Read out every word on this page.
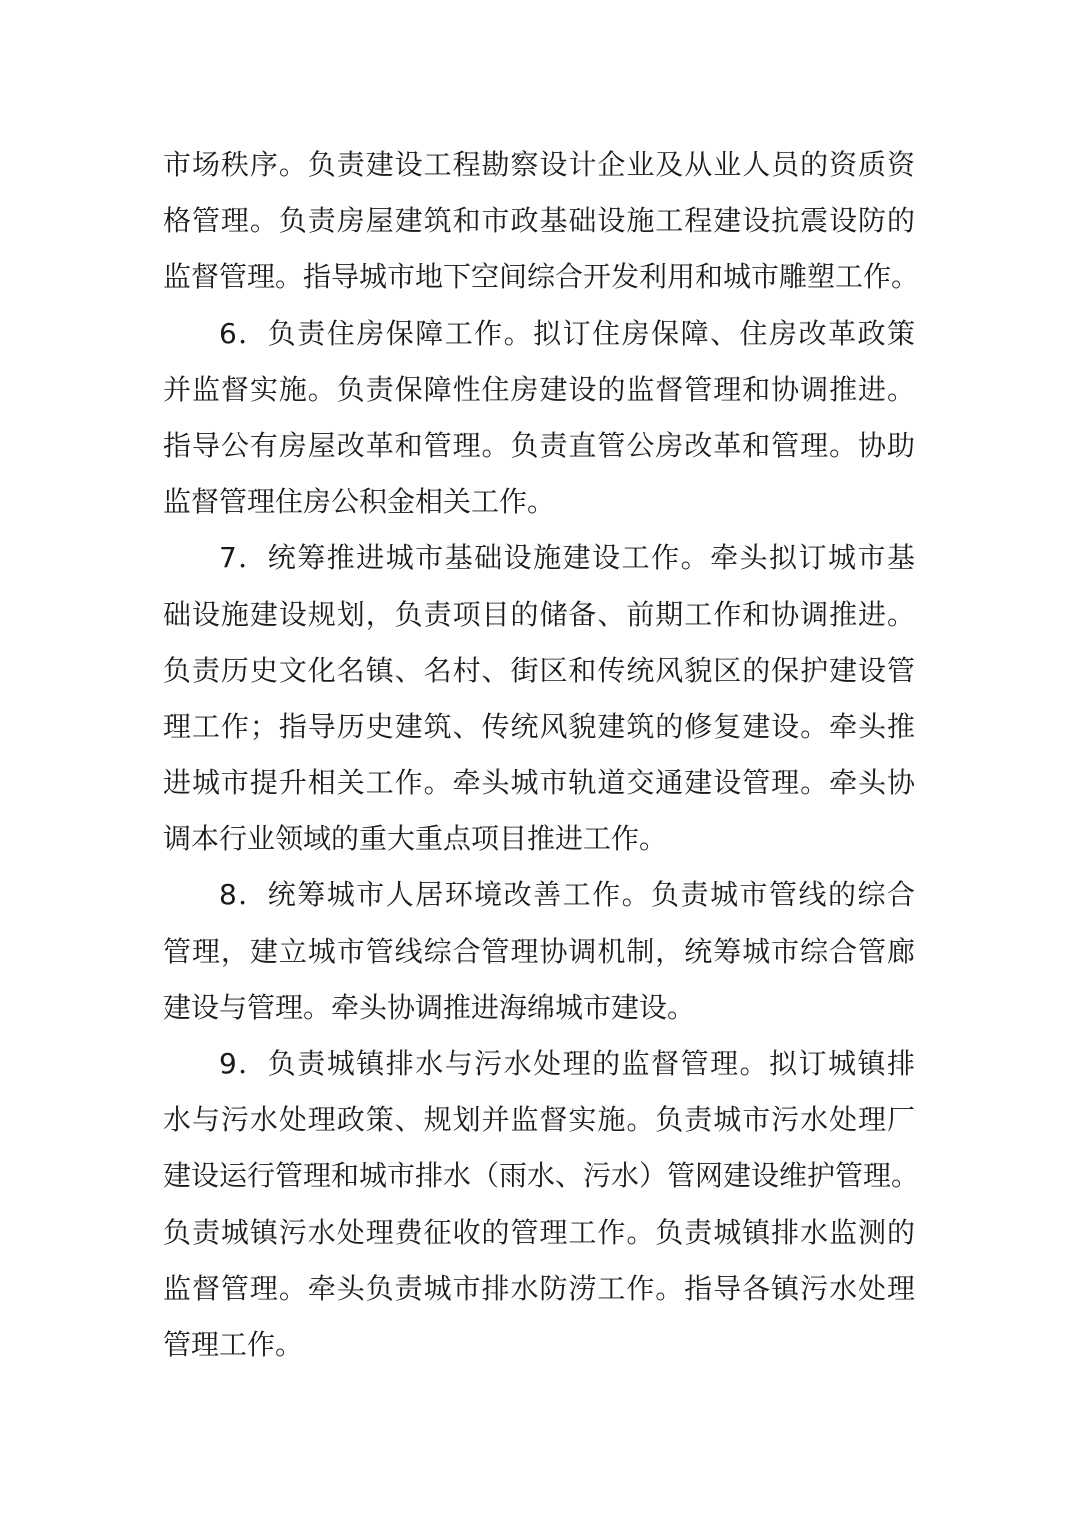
市场秩序。负责建设工程勘察设计企业及从业人员的资质资
格管理。负责房屋建筑和市政基础设施工程建设抗震设防的
监督管理。指导城市地下空间综合开发利用和城市雕塑工作。
6．负责住房保障工作。拟订住房保障、住房改革政策
并监督实施。负责保障性住房建设的监督管理和协调推进。
指导公有房屋改革和管理。负责直管公房改革和管理。协助
监督管理住房公积金相关工作。
7．统筹推进城市基础设施建设工作。牵头拟订城市基
础设施建设规划，负责项目的储备、前期工作和协调推进。
负责历史文化名镇、名村、街区和传统风貌区的保护建设管
理工作；指导历史建筑、传统风貌建筑的修复建设。牵头推
进城市提升相关工作。牵头城市轨道交通建设管理。牵头协
调本行业领域的重大重点项目推进工作。
8．统筹城市人居环境改善工作。负责城市管线的综合
管理，建立城市管线综合管理协调机制，统筹城市综合管廊
建设与管理。牵头协调推进海绵城市建设。
9．负责城镇排水与污水处理的监督管理。拟订城镇排
水与污水处理政策、规划并监督实施。负责城市污水处理厂
建设运行管理和城市排水（雨水、污水）管网建设维护管理。
负责城镇污水处理费征收的管理工作。负责城镇排水监测的
监督管理。牵头负责城市排水防涝工作。指导各镇污水处理
管理工作。
